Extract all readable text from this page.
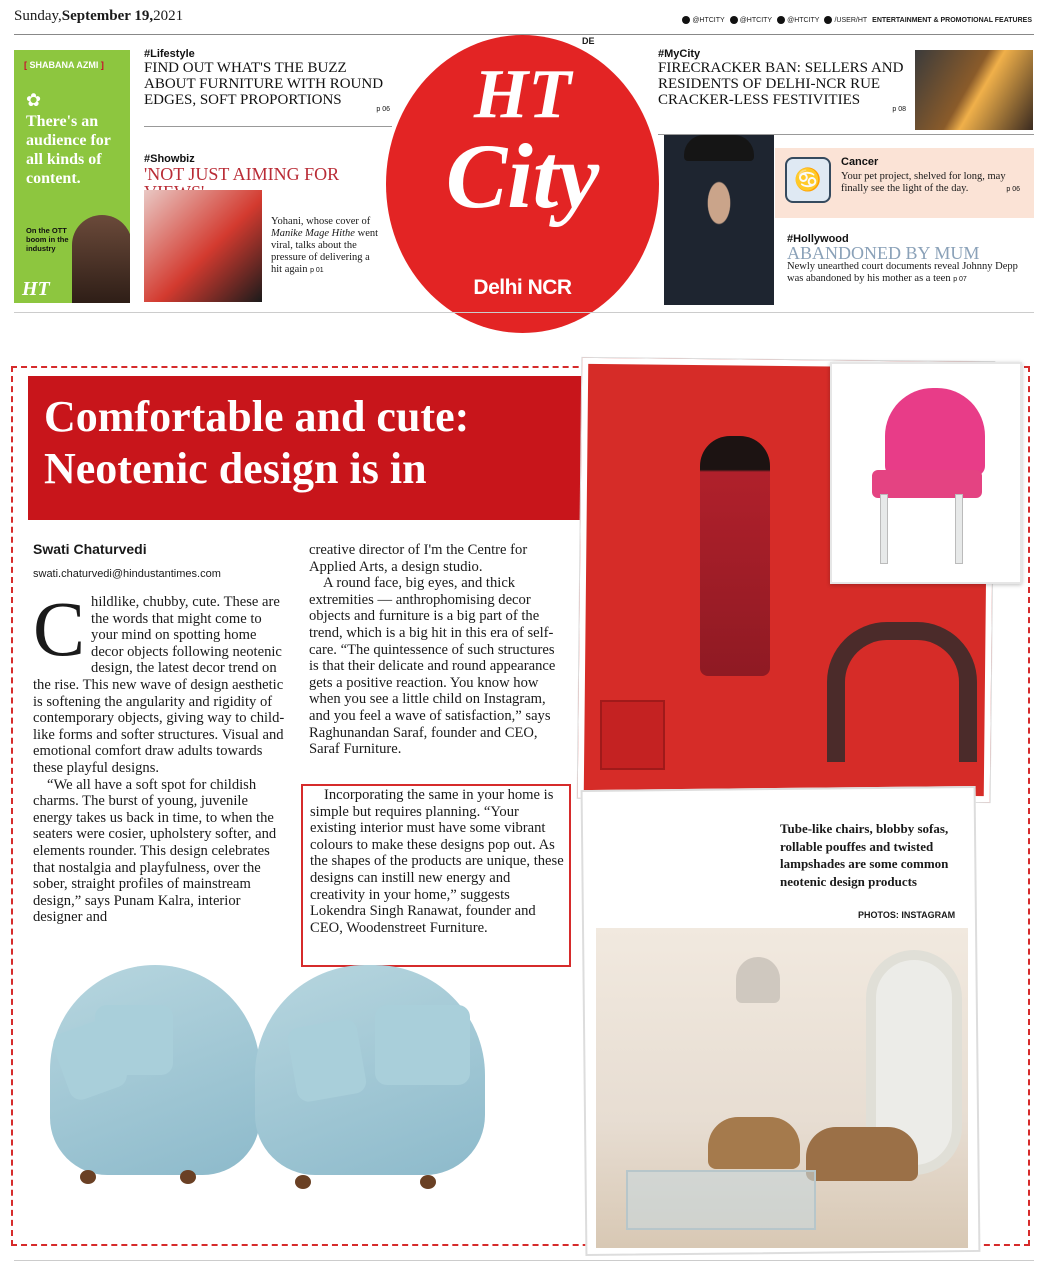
Sunday,September 19,2021	@HTCITY	@HTCITY	@HTCITY	/USER/HT ENTERTAINMENT & PROMOTIONAL FEATURES
[ SHABANA AZMI ]
✿
There's an audience for all kinds of content.
On the OTT boom in the industry
HT
#Lifestyle
FIND OUT WHAT'S THE BUZZ ABOUT FURNITURE WITH ROUND EDGES, SOFT PROPORTIONS
p 06
#Showbiz
'NOT JUST AIMING FOR
Yohani, whose cover of Manike Mage Hithe went viral, talks about the pressure of delivering a hit again p 01
HT
City
Delhi NCR
DE
#MyCity
FIRECRACKER BAN: SELLERS AND RESIDENTS OF DELHI-NCR RUE CRACKER-LESS FESTIVITIES
p 08
♋
Cancer
Your pet project, shelved for long, may finally see the light of the day.	p 06
#Hollywood
ABANDONED BY MUM
Newly unearthed court documents reveal Johnny Depp was abandoned by his mother as a teen p 07
Comfortable and cute:
Neotenic design is in
Swati Chaturvedi
swati.chaturvedi@hindustantimes.com
C hildlike, chubby, cute. These are the words that might come to your mind on spotting home decor objects following neotenic design, the latest decor trend on the rise. This new wave of design aesthetic is softening the angularity and rigidity of contemporary objects, giving way to child-like forms and softer structures. Visual and emotional comfort draw adults towards these playful designs.

“We all have a soft spot for childish charms. The burst of young, juvenile energy takes us back in time, to when the seaters were cosier, upholstery softer, and elements rounder. This design celebrates that nostalgia and playfulness, over the sober, straight profiles of mainstream design,” says Punam Kalra, interior designer and

creative director of I'm the Centre for Applied Arts, a design studio.

A round face, big eyes, and thick extremities — anthrophomising decor objects and furniture is a big part of the trend, which is a big hit in this era of self-care. “The quintessence of such structures is that their delicate and round appearance gets a positive reaction. You know how when you see a little child on Instagram, and you feel a wave of satisfaction,” says Raghunandan Saraf, founder and CEO, Saraf Furniture.

Incorporating the same in your home is simple but requires planning. “Your existing interior must have some vibrant colours to make these designs pop out. As the shapes of the products are unique, these designs can instill new energy and creativity in your home,” suggests Lokendra Singh Ranawat, founder and CEO, Woodenstreet Furniture.

Tube-like chairs, blobby sofas, rollable pouffes and twisted lampshades are some common neotenic design products
PHOTOS: INSTAGRAM
